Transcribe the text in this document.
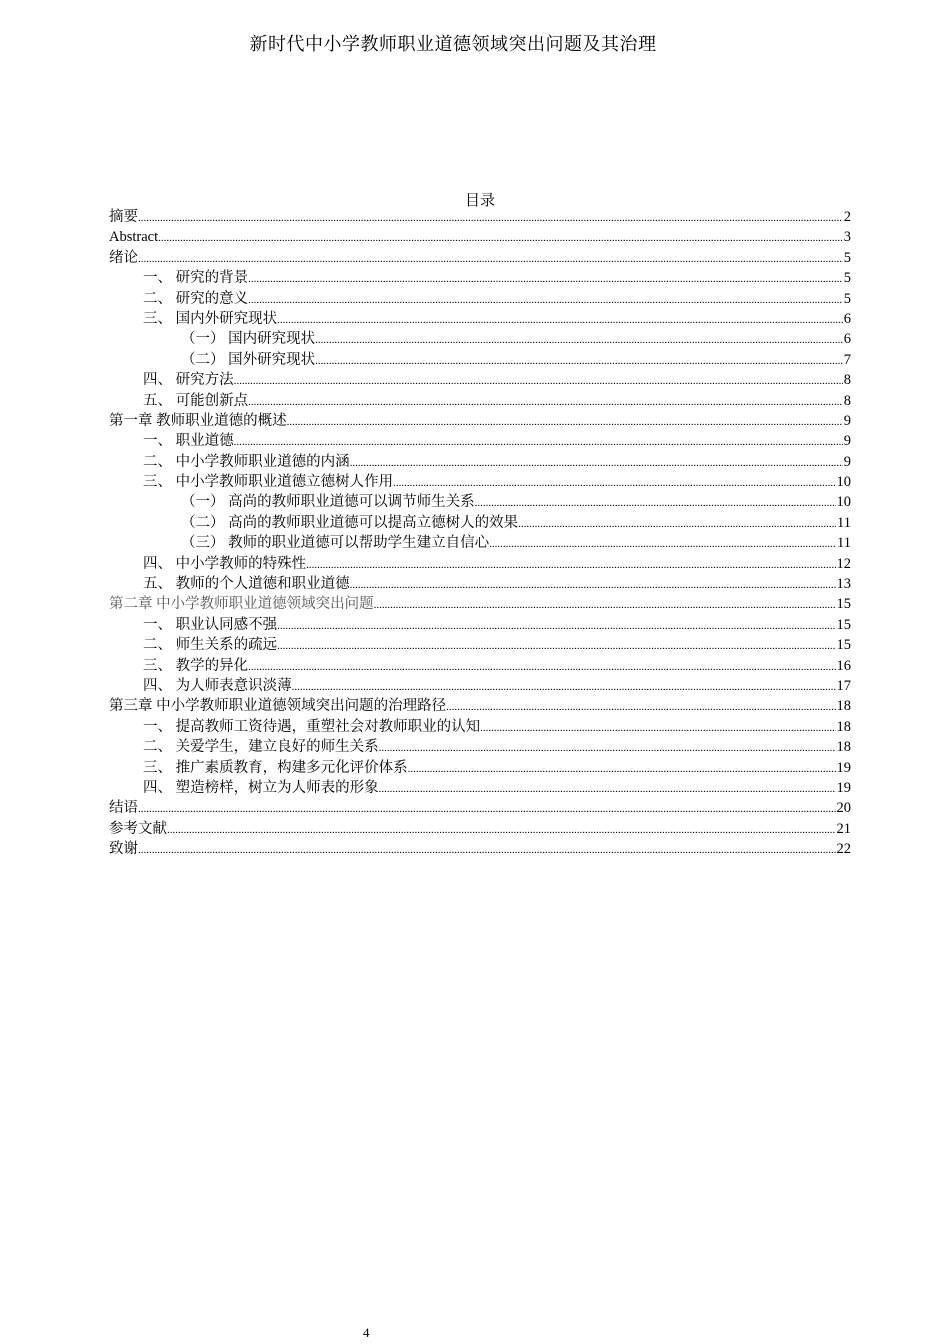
新时代中小学教师职业道德领域突出问题及其治理
目录
摘要 .....	2
Abstract .....	3
绪论 .....	5
一、 研究的背景 .....	5
二、 研究的意义 .....	5
三、 国内外研究现状 .....	6
（一） 国内研究现状 .....	6
（二） 国外研究现状 .....	7
四、 研究方法 .....	8
五、 可能创新点 .....	8
第一章 教师职业道德的概述 .....	9
一、 职业道德 .....	9
二、 中小学教师职业道德的内涵 .....	9
三、 中小学教师职业道德立德树人作用 .....	10
（一） 高尚的教师职业道德可以调节师生关系 .....	10
（二） 高尚的教师职业道德可以提高立德树人的效果 .....	11
（三） 教师的职业道德可以帮助学生建立自信心 .....	11
四、 中小学教师的特殊性 .....	12
五、 教师的个人道德和职业道德 .....	13
第二章 中小学教师职业道德领域突出问题 .....	15
一、 职业认同感不强 .....	15
二、 师生关系的疏远 .....	15
三、 教学的异化 .....	16
四、 为人师表意识淡薄 .....	17
第三章 中小学教师职业道德领域突出问题的治理路径 .....	18
一、 提高教师工资待遇，重塑社会对教师职业的认知 .....	18
二、 关爱学生，建立良好的师生关系 .....	18
三、 推广素质教育，构建多元化评价体系 .....	19
四、 塑造榜样，树立为人师表的形象 .....	19
结语 .....	20
参考文献 .....	21
致谢 .....	22
4
